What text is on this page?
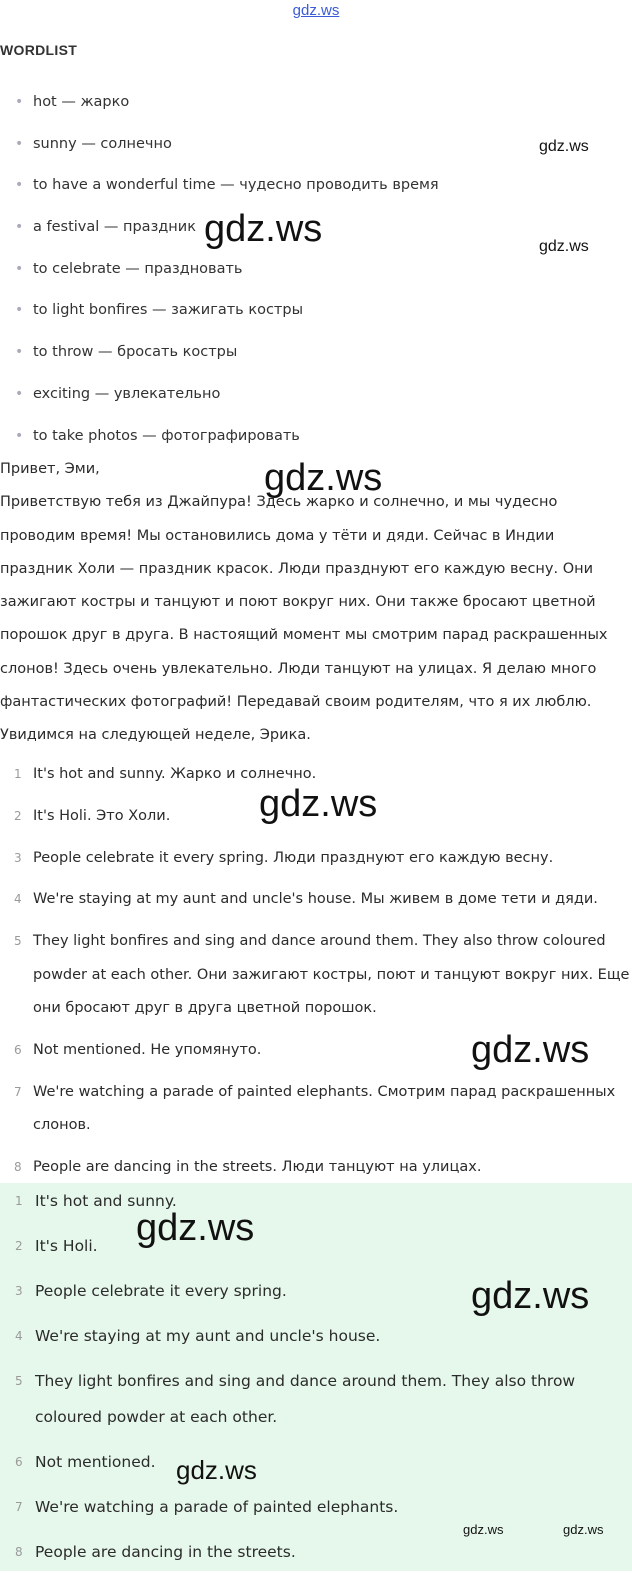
gdz.ws
WORDLIST
• hot — жарко
• sunny — солнечно
• to have a wonderful time — чудесно проводить время
• a festival — праздник
• to celebrate — праздновать
• to light bonfires — зажигать костры
• to throw — бросать костры
• exciting — увлекательно
• to take photos — фотографировать

Привет, Эми,

Приветствую тебя из Джайпура! Здесь жарко и солнечно, и мы чудесно

проводим время! Мы остановились дома у тёти и дяди. Сейчас в Индии

праздник Холи — праздник красок. Люди празднуют его каждую весну. Они

зажигают костры и танцуют и поют вокруг них. Они также бросают цветной

порошок друг в друга. В настоящий момент мы смотрим парад раскрашенных

слонов! Здесь очень увлекательно. Люди танцуют на улицах. Я делаю много

фантастических фотографий! Передавай своим родителям, что я их люблю.

Увидимся на следующей неделе, Эрика.

1 It's hot and sunny. Жарко и солнечно.
2 It's Holi. Это Холи.
3 People celebrate it every spring. Люди празднуют его каждую весну.
4 We're staying at my aunt and uncle's house. Мы живем в доме тети и дяди.
5 They light bonfires and sing and dance around them. They also throw coloured powder at each other. Они зажигают костры, поют и танцуют вокруг них. Еще они бросают друг в друга цветной порошок.
6 Not mentioned. Не упомянуто.
7 We're watching a parade of painted elephants. Смотрим парад раскрашенных слонов.
8 People are dancing in the streets. Люди танцуют на улицах.
1 It's hot and sunny.
2 It's Holi.
3 People celebrate it every spring.
4 We're staying at my aunt and uncle's house.
5 They light bonfires and sing and dance around them. They also throw coloured powder at each other.
6 Not mentioned.
7 We're watching a parade of painted elephants.
8 People are dancing in the streets.
gdz.ws
gdz.ws
gdz.ws
gdz.ws
gdz.ws
gdz.ws
gdz.ws
gdz.ws
gdz.ws
gdz.ws	gdz.ws
